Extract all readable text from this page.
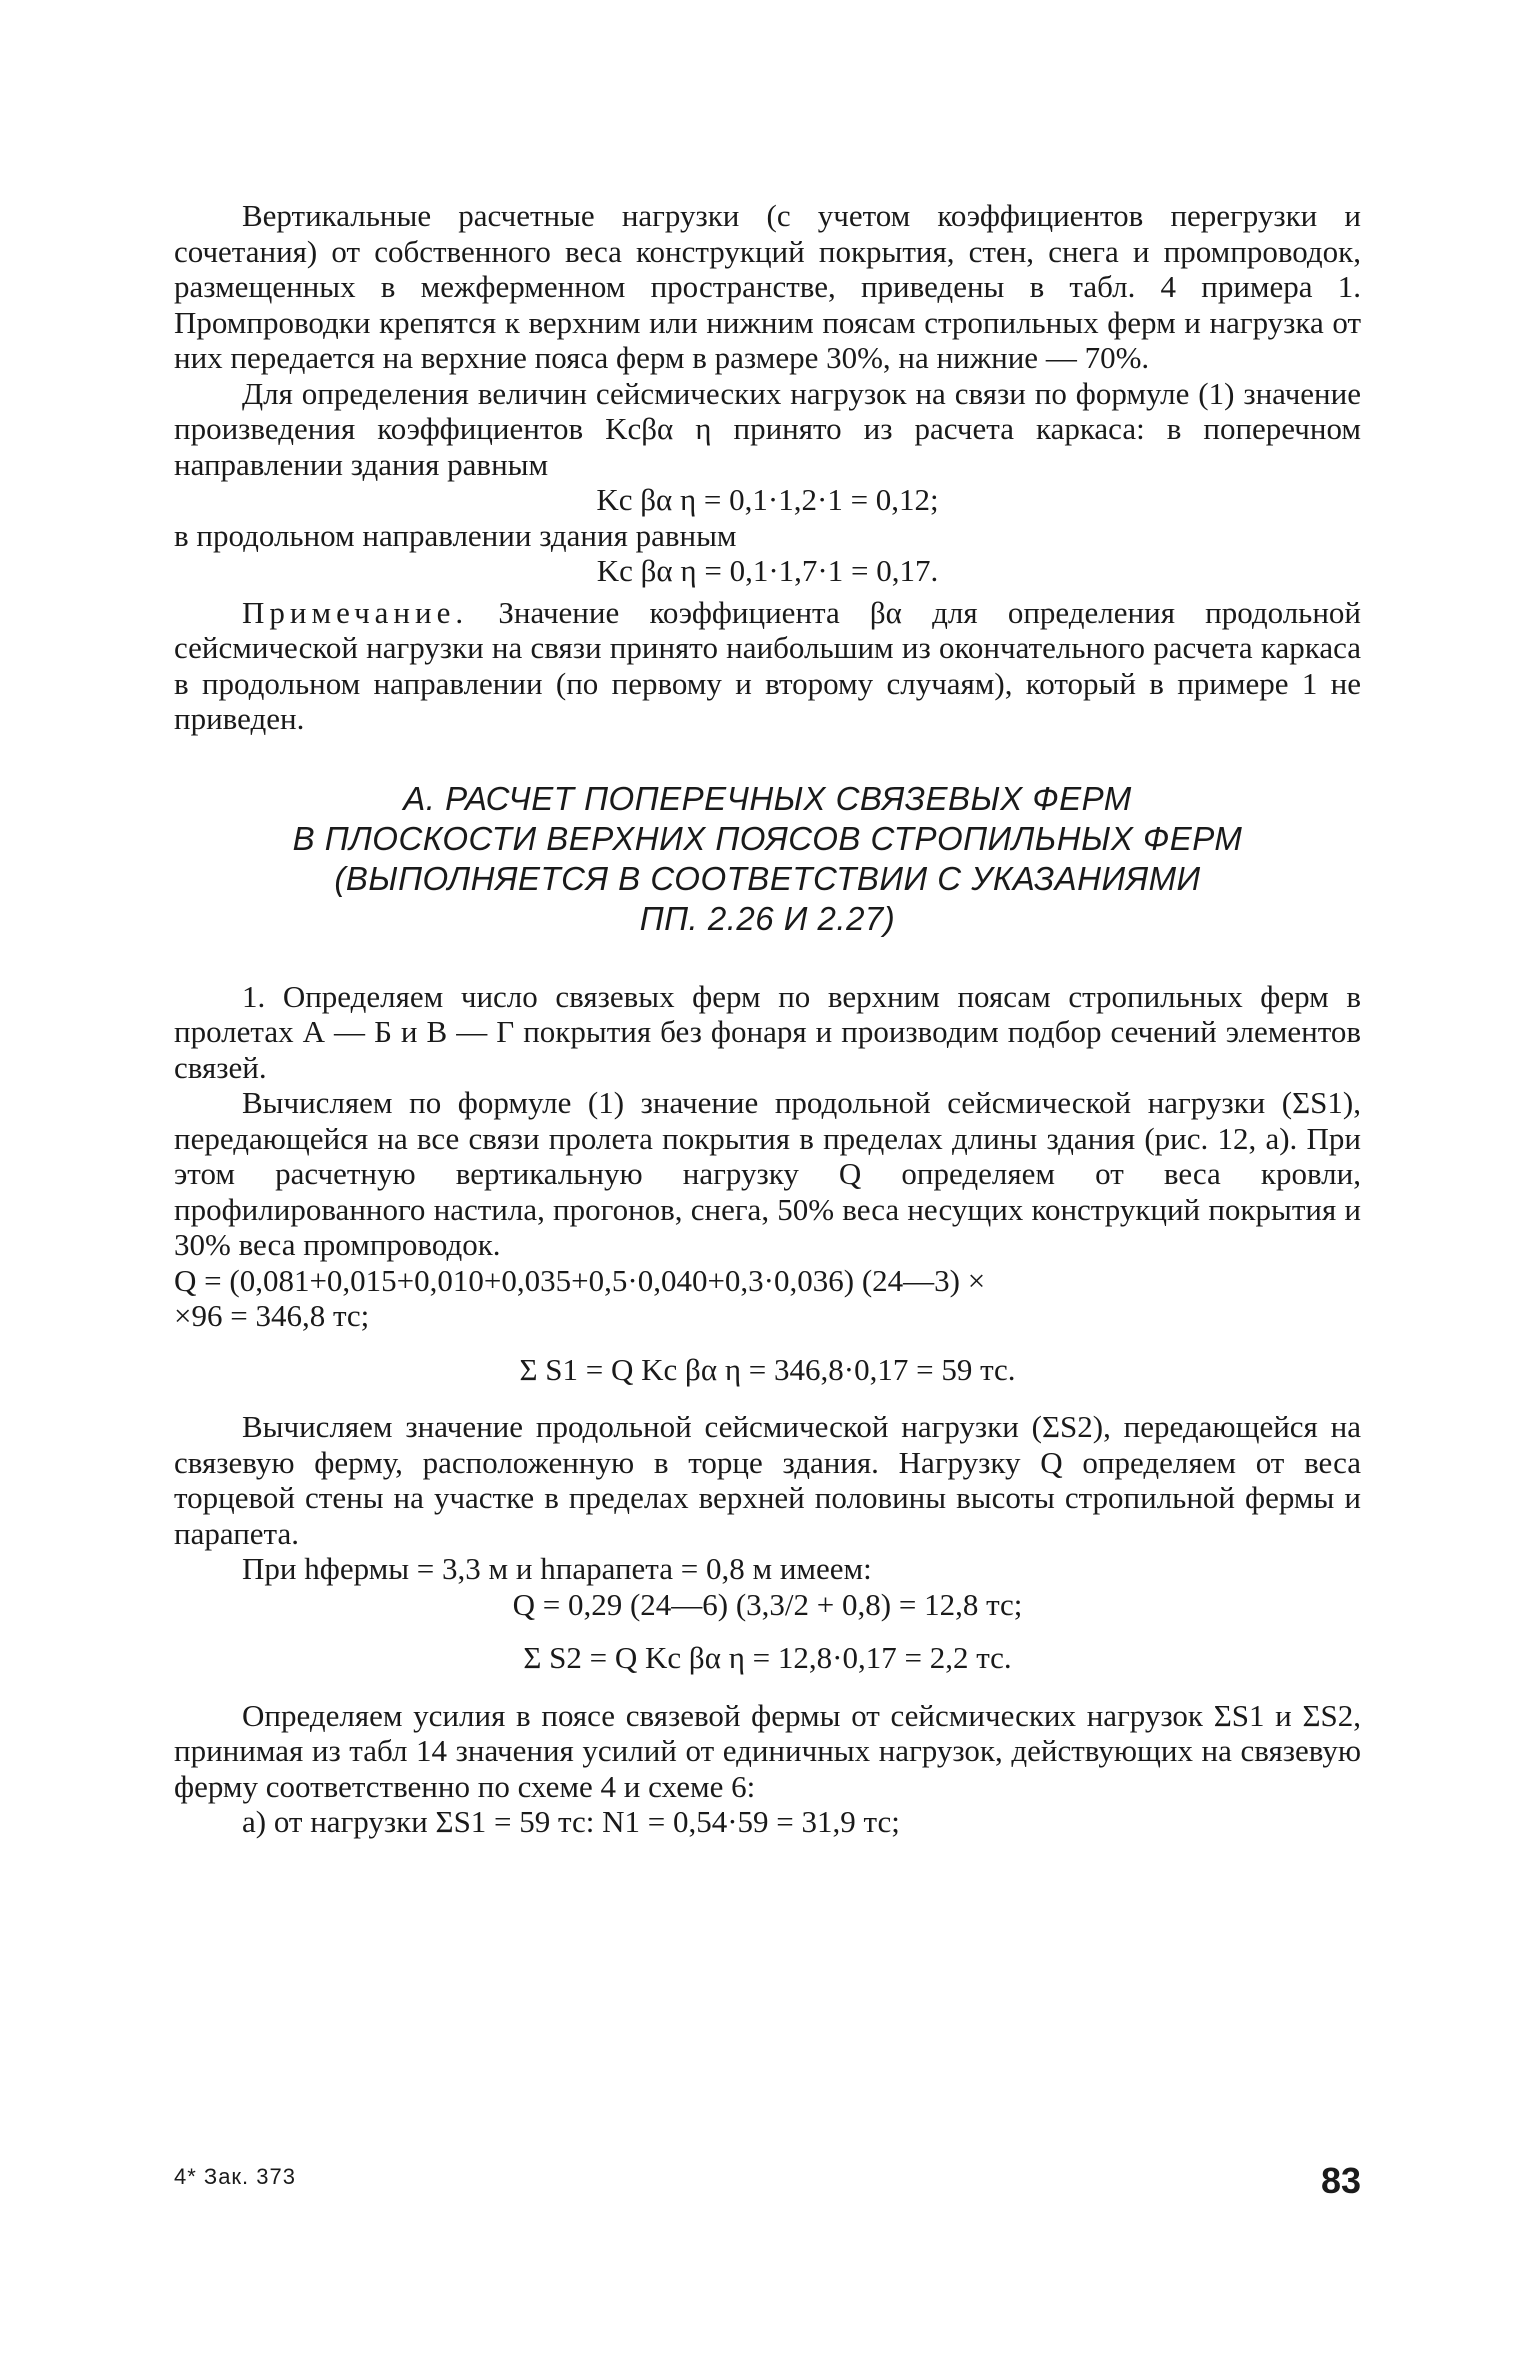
Вертикальные расчетные нагрузки (с учетом коэффициентов перегрузки и сочетания) от собственного веса конструкций покрытия, стен, снега и промпроводок, размещенных в межферменном пространстве, приведены в табл. 4 примера 1. Промпроводки крепятся к верхним или нижним поясам стропильных ферм и нагрузка от них передается на верхние пояса ферм в размере 30%, на нижние — 70%.

Для определения величин сейсмических нагрузок на связи по формуле (1) значение произведения коэффициентов Kcβα η принято из расчета каркаса: в поперечном направлении здания равным

Kc βα η = 0,1·1,2·1 = 0,12;

в продольном направлении здания равным

Kc βα η = 0,1·1,7·1 = 0,17.

Примечание. Значение коэффициента βα для определения продольной сейсмической нагрузки на связи принято наибольшим из окончательного расчета каркаса в продольном направлении (по первому и второму случаям), который в примере 1 не приведен.

А. РАСЧЕТ ПОПЕРЕЧНЫХ СВЯЗЕВЫХ ФЕРМ
В ПЛОСКОСТИ ВЕРХНИХ ПОЯСОВ СТРОПИЛЬНЫХ ФЕРМ
(ВЫПОЛНЯЕТСЯ В СООТВЕТСТВИИ С УКАЗАНИЯМИ
ПП. 2.26 И 2.27)

1. Определяем число связевых ферм по верхним поясам стропильных ферм в пролетах А — Б и В — Г покрытия без фонаря и производим подбор сечений элементов связей.

Вычисляем по формуле (1) значение продольной сейсмической нагрузки (ΣS1), передающейся на все связи пролета покрытия в пределах длины здания (рис. 12, а). При этом расчетную вертикальную нагрузку Q определяем от веса кровли, профилированного настила, прогонов, снега, 50% веса несущих конструкций покрытия и 30% веса промпроводок.

Q = (0,081+0,015+0,010+0,035+0,5·0,040+0,3·0,036) (24—3) ×
×96 = 346,8 тс;
Σ S1 = Q Kc βα η = 346,8·0,17 = 59 тс.

Вычисляем значение продольной сейсмической нагрузки (ΣS2), передающейся на связевую ферму, расположенную в торце здания. Нагрузку Q определяем от веса торцевой стены на участке в пределах верхней половины высоты стропильной фермы и парапета.

При hфермы = 3,3 м и hпарапета = 0,8 м имеем:

Q = 0,29 (24—6) (3,3/2 + 0,8) = 12,8 тс;
Σ S2 = Q Kc βα η = 12,8·0,17 = 2,2 тс.

Определяем усилия в поясе связевой фермы от сейсмических нагрузок ΣS1 и ΣS2, принимая из табл 14 значения усилий от единичных нагрузок, действующих на связевую ферму соответственно по схеме 4 и схеме 6:

а) от нагрузки ΣS1 = 59 тс: N1 = 0,54·59 = 31,9 тс;

4* Зак. 373	83
